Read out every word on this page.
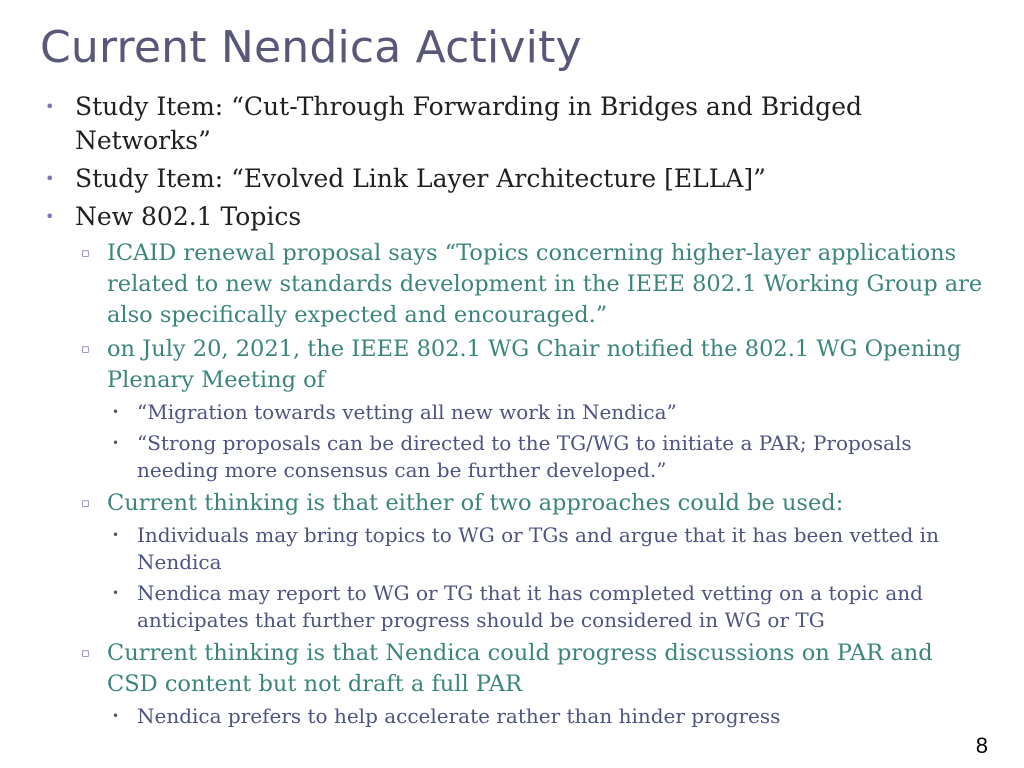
Current Nendica Activity
• Study Item: “Cut-Through Forwarding in Bridges and Bridged Networks”
• Study Item: “Evolved Link Layer Architecture [ELLA]”
• New 802.1 Topics
▫ ICAID renewal proposal says “Topics concerning higher-layer applications related to new standards development in the IEEE 802.1 Working Group are also specifically expected and encouraged.”
▫ on July 20, 2021, the IEEE 802.1 WG Chair notified the 802.1 WG Opening Plenary Meeting of
• “Migration towards vetting all new work in Nendica”
• “Strong proposals can be directed to the TG/WG to initiate a PAR; Proposals needing more consensus can be further developed.”
▫ Current thinking is that either of two approaches could be used:
• Individuals may bring topics to WG or TGs and argue that it has been vetted in Nendica
• Nendica may report to WG or TG that it has completed vetting on a topic and anticipates that further progress should be considered in WG or TG
▫ Current thinking is that Nendica could progress discussions on PAR and CSD content but not draft a full PAR
• Nendica prefers to help accelerate rather than hinder progress
8
